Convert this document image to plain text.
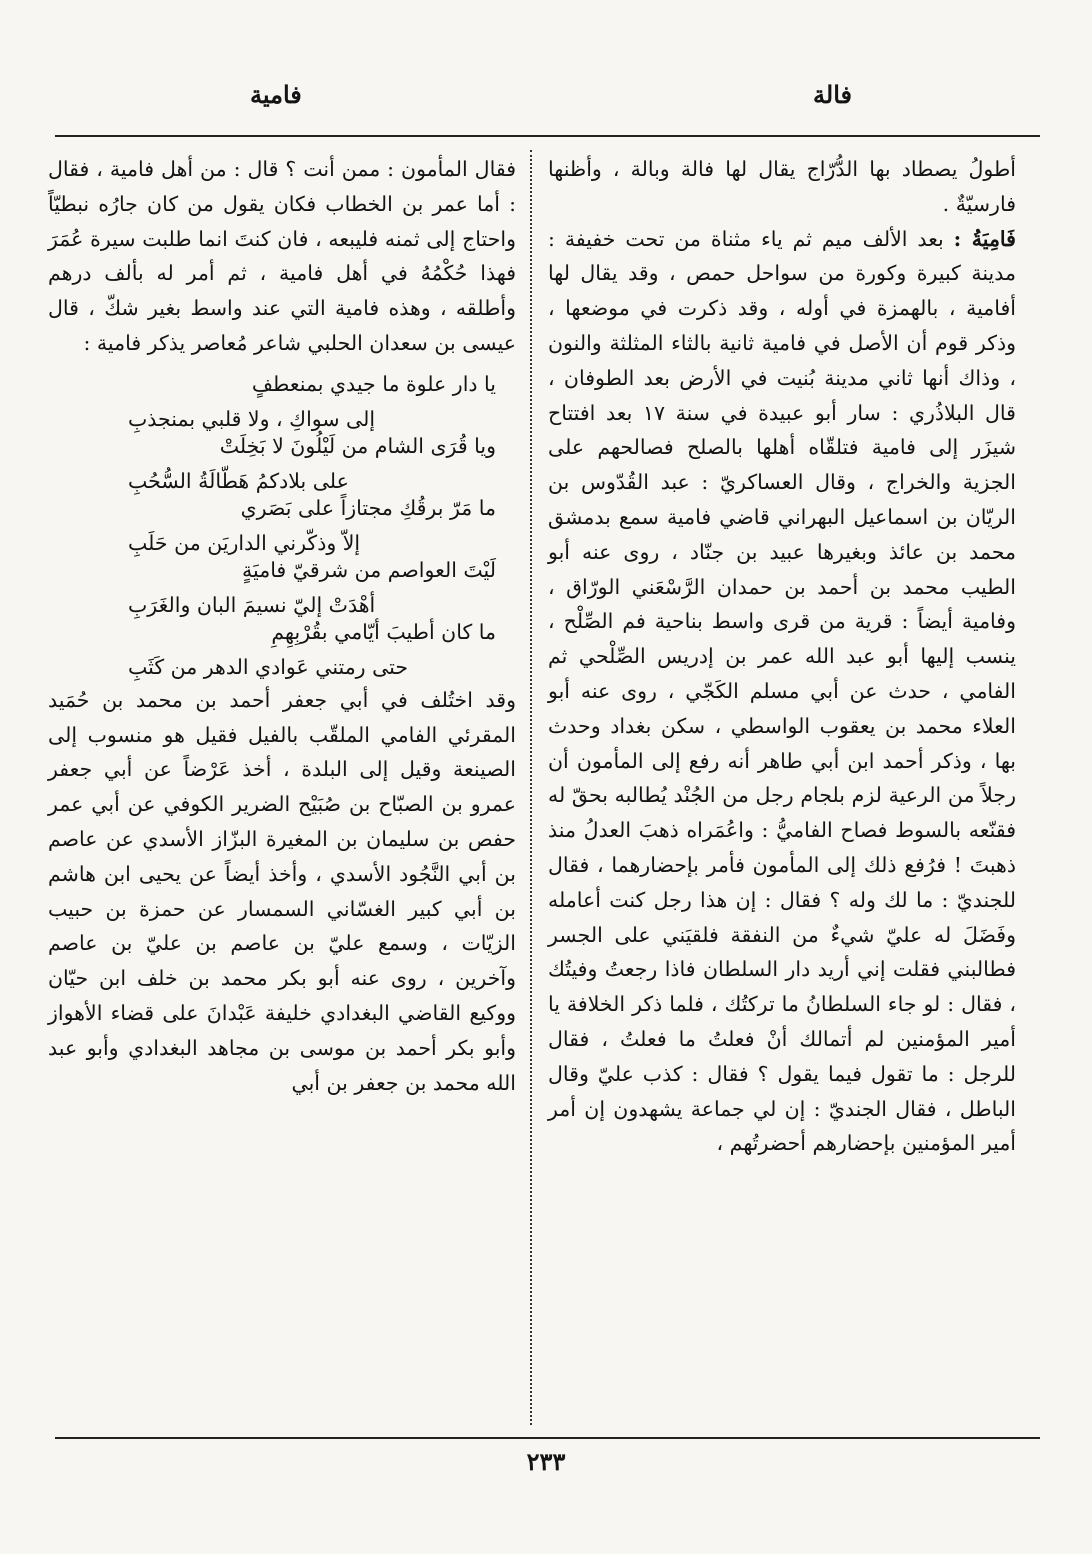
فالة
فامية

أطولُ يصطاد بها الدُّرّاج يقال لها فالة وبالة ، وأظنها فارسيّةٌ .

فَامِيَةُ : بعد الألف ميم ثم ياء مثناة من تحت خفيفة : مدينة كبيرة وكورة من سواحل حمص ، وقد يقال لها أفامية ، بالهمزة في أوله ، وقد ذكرت في موضعها ، وذكر قوم أن الأصل في فامية ثانية بالثاء المثلثة والنون ، وذاك أنها ثاني مدينة بُنيت في الأرض بعد الطوفان ، قال البلاذُري : سار أبو عبيدة في سنة ١٧ بعد افتتاح شيزَر إلى فامية فتلقّاه أهلها بالصلح فصالحهم على الجزية والخراج ، وقال العساكريّ : عبد القُدّوس بن الريّان بن اسماعيل البهراني قاضي فامية سمع بدمشق محمد بن عائذ وبغيرها عبيد بن جنّاد ، روى عنه أبو الطيب محمد بن أحمد بن حمدان الرَّسْعَني الورّاق ، وفامية أيضاً : قرية من قرى واسط بناحية فم الصِّلْح ، ينسب إليها أبو عبد الله عمر بن إدريس الصِّلْحي ثم الفامي ، حدث عن أبي مسلم الكَجّي ، روى عنه أبو العلاء محمد بن يعقوب الواسطي ، سكن بغداد وحدث بها ، وذكر أحمد ابن أبي طاهر أنه رفع إلى المأمون أن رجلاً من الرعية لزم بلجام رجل من الجُنْد يُطالبه بحقّ له فقنّعه بالسوط فصاح الفاميُّ : واعُمَراه ذهبَ العدلُ منذ ذهبتَ ! فرُفع ذلك إلى المأمون فأمر بإحضارهما ، فقال للجنديّ : ما لك وله ؟ فقال : إن هذا رجل كنت أعامله وفَضَلَ له عليّ شيءٌ من النفقة فلقيَني على الجسر فطالبني فقلت إني أريد دار السلطان فاذا رجعتُ وفيتُك ، فقال : لو جاء السلطانُ ما تركتُك ، فلما ذكر الخلافة يا أمير المؤمنين لم أتمالك أنْ فعلتُ ما فعلتُ ، فقال للرجل : ما تقول فيما يقول ؟ فقال : كذب عليّ وقال الباطل ، فقال الجنديّ : إن لي جماعة يشهدون إن أمر أمير المؤمنين بإحضارهم أحضرتُهم ،

فقال المأمون : ممن أنت ؟ قال : من أهل فامية ، فقال : أما عمر بن الخطاب فكان يقول من كان جارُه نبطيّاً واحتاج إلى ثمنه فليبعه ، فان كنتَ انما طلبت سيرة عُمَرَ فهذا حُكْمُهُ في أهل فامية ، ثم أمر له بألف درهم وأطلقه ، وهذه فامية التي عند واسط بغير شكّ ، قال عيسى بن سعدان الحلبي شاعر مُعاصر يذكر فامية :

يا دار علوة ما جيدي بمنعطفٍ
إلى سواكِ ، ولا قلبي بمنجذبِ
ويا قُرَى الشام من لَيْلُونَ لا بَخِلَتْ
على بلادكمُ هَطّالَةُ السُّحُبِ
ما مَرّ برقُكِ مجتازاً على بَصَري
إلاّ وذكّرني الداريَن من حَلَبِ
لَيْتَ العواصم من شرقيّ فاميَةٍ
أهْدَتْ إليّ نسيمَ البان والغَرَبِ
ما كان أطيبَ أيّامي بقُرْبِهِمِ
حتى رمتني عَوادي الدهر من كَثَبِ

وقد اختُلف في أبي جعفر أحمد بن محمد بن حُمَيد المقرئي الفامي الملقّب بالفيل فقيل هو منسوب إلى الصينعة وقيل إلى البلدة ، أخذ عَرْضاً عن أبي جعفر عمرو بن الصبّاح بن صُبَيْح الضرير الكوفي عن أبي عمر حفص بن سليمان بن المغيرة البزّاز الأسدي عن عاصم بن أبي النَّجُود الأسدي ، وأخذ أيضاً عن يحيى ابن هاشم بن أبي كبير الغسّاني السمسار عن حمزة بن حبيب الزيّات ، وسمع عليّ بن عاصم بن عليّ بن عاصم وآخرين ، روى عنه أبو بكر محمد بن خلف ابن حيّان ووكيع القاضي البغدادي خليفة عَبْدانَ على قضاء الأهواز وأبو بكر أحمد بن موسى بن مجاهد البغدادي وأبو عبد الله محمد بن جعفر بن أبي

٢٣٣
